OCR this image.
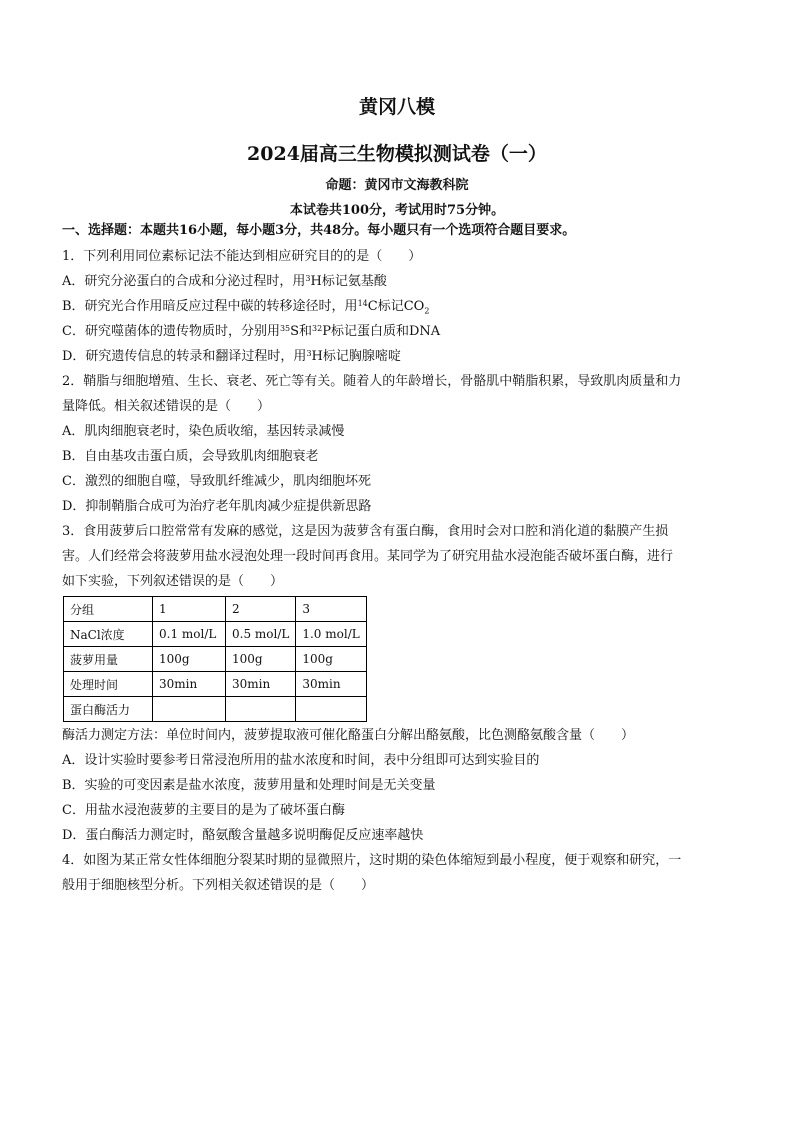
黄冈八模
2024届高三生物模拟测试卷（一）
命题：黄冈市文海教科院
本试卷共100分，考试用时75分钟。
一、选择题：本题共16小题，每小题3分，共48分。每小题只有一个选项符合题目要求。
1．下列利用同位素标记法不能达到相应研究目的的是（　　）
A．研究分泌蛋白的合成和分泌过程时，用$^3$H标记氨基酸
B．研究光合作用暗反应过程中碳的转移途径时，用$^{14}$C标记$CO_2$
C．研究噬菌体的遗传物质时，分别用$^{35}$S和$^{32}$P标记蛋白质和DNA
D．研究遗传信息的转录和翻译过程时，用$^3$H标记胸腺嘧啶
2．鞘脂与细胞增殖、生长、衰老、死亡等有关。随着人的年龄增长，骨骼肌中鞘脂积累，导致肌肉质量和力
量降低。相关叙述错误的是（　　）
A．肌肉细胞衰老时，染色质收缩，基因转录减慢
B．自由基攻击蛋白质，会导致肌肉细胞衰老
C．激烈的细胞自噬，导致肌纤维减少，肌肉细胞坏死
D．抑制鞘脂合成可为治疗老年肌肉减少症提供新思路
3．食用菠萝后口腔常常有发麻的感觉，这是因为菠萝含有蛋白酶，食用时会对口腔和消化道的黏膜产生损
害。人们经常会将菠萝用盐水浸泡处理一段时间再食用。某同学为了研究用盐水浸泡能否破坏蛋白酶，进行
如下实验，下列叙述错误的是（　　）
分组	1	2	3
NaCl浓度	0.1 mol/L	0.5 mol/L	1.0 mol/L
菠萝用量	100g	100g	100g
处理时间	30min	30min	30min
蛋白酶活力			
酶活力测定方法：单位时间内，菠萝提取液可催化酪蛋白分解出酪氨酸，比色测酪氨酸含量（　　）
A．设计实验时要参考日常浸泡所用的盐水浓度和时间，表中分组即可达到实验目的
B．实验的可变因素是盐水浓度，菠萝用量和处理时间是无关变量
C．用盐水浸泡菠萝的主要目的是为了破坏蛋白酶
D．蛋白酶活力测定时，酪氨酸含量越多说明酶促反应速率越快
4．如图为某正常女性体细胞分裂某时期的显微照片，这时期的染色体缩短到最小程度，便于观察和研究，一
般用于细胞核型分析。下列相关叙述错误的是（　　）
